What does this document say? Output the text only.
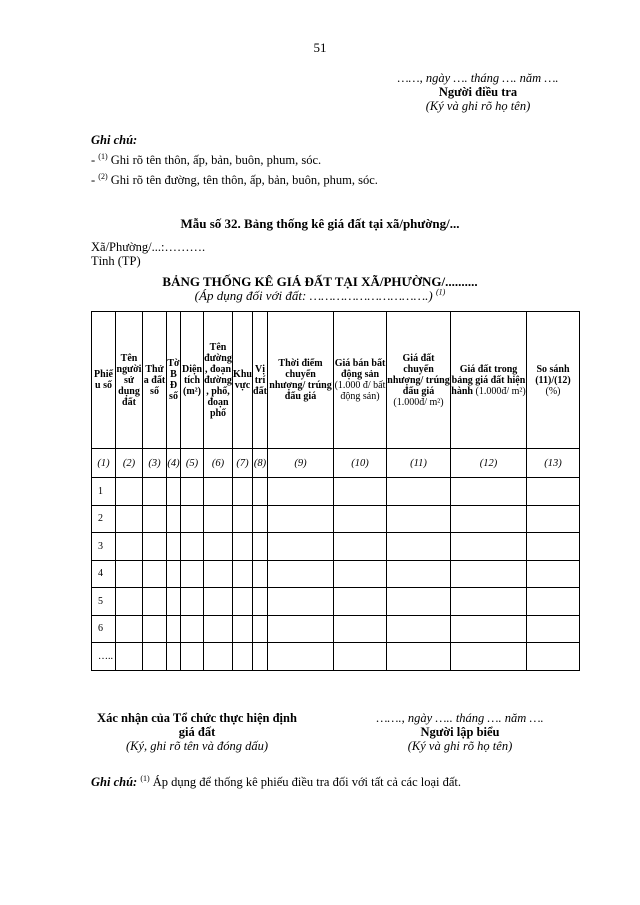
51
……, ngày …. tháng …. năm ….
Người điều tra
(Ký và ghi rõ họ tên)
Ghi chú:
- $^{(1)}$ Ghi rõ tên thôn, ấp, bản, buôn, phum, sóc.
- $^{(2)}$ Ghi rõ tên đường, tên thôn, ấp, bản, buôn, phum, sóc.
Mẫu số 32. Bảng thống kê giá đất tại xã/phường/...
Xã/Phường/...:……….
Tỉnh (TP)
BẢNG THỐNG KÊ GIÁ ĐẤT TẠI XÃ/PHƯỜNG/..........
(Áp dụng đối với đất: ………………………….) $^{(1)}$
Phiếu số	Tên người sử dụng đất	Thửa đất số	Tờ BĐ số	Diện tích (m²)	Tên đường, đoạn đường, phố, đoạn phố	Khu vực	Vị trí đất	Thời điểm chuyển nhượng/ trúng đấu giá	Giá bán bất động sản (1.000 đ/ bất động sản)	Giá đất chuyển nhượng/ trúng đấu giá (1.000đ/ m²)	Giá đất trong bảng giá đất hiện hành (1.000đ/ m²)	So sánh (11)/(12) (%)
(1)	(2)	(3)	(4)	(5)	(6)	(7)	(8)	(9)	(10)	(11)	(12)	(13)
1												
2												
3												
4												
5												
6												
…..												
Xác nhận của Tổ chức thực hiện định giá đất
(Ký, ghi rõ tên và đóng dấu)
……., ngày ….. tháng …. năm ….
Người lập biểu
(Ký và ghi rõ họ tên)
Ghi chú: $^{(1)}$ Áp dụng để thống kê phiếu điều tra đối với tất cả các loại đất.
